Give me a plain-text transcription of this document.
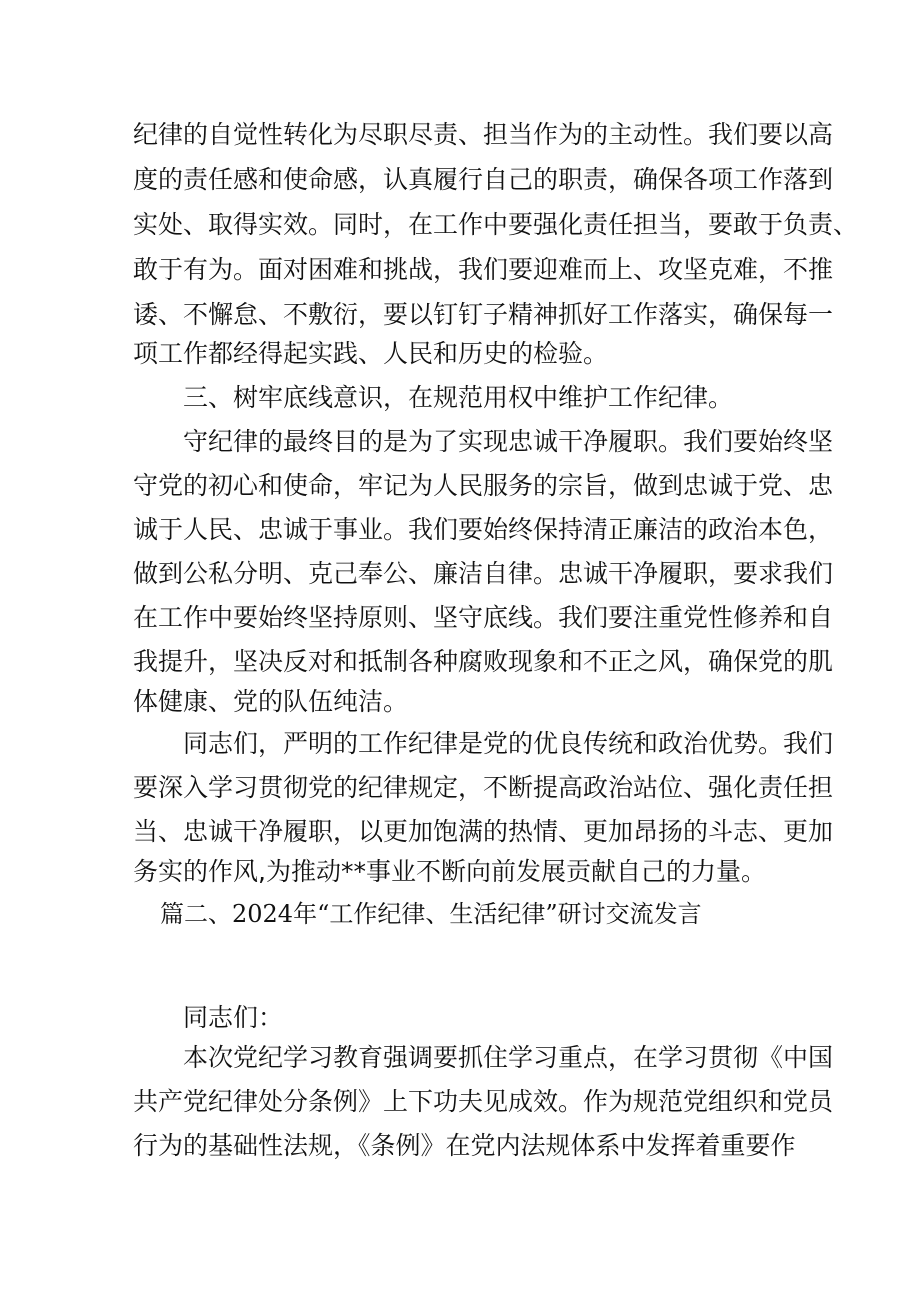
纪律的自觉性转化为尽职尽责、担当作为的主动性。我们要以高
度的责任感和使命感，认真履行自己的职责，确保各项工作落到
实处、取得实效。同时，在工作中要强化责任担当，要敢于负责、
敢于有为。面对困难和挑战，我们要迎难而上、攻坚克难，不推
诿、不懈怠、不敷衍，要以钉钉子精神抓好工作落实，确保每一
项工作都经得起实践、人民和历史的检验。
三、树牢底线意识，在规范用权中维护工作纪律。
守纪律的最终目的是为了实现忠诚干净履职。我们要始终坚
守党的初心和使命，牢记为人民服务的宗旨，做到忠诚于党、忠
诚于人民、忠诚于事业。我们要始终保持清正廉洁的政治本色，
做到公私分明、克己奉公、廉洁自律。忠诚干净履职，要求我们
在工作中要始终坚持原则、坚守底线。我们要注重党性修养和自
我提升，坚决反对和抵制各种腐败现象和不正之风，确保党的肌
体健康、党的队伍纯洁。
同志们，严明的工作纪律是党的优良传统和政治优势。我们
要深入学习贯彻党的纪律规定，不断提高政治站位、强化责任担
当、忠诚干净履职，以更加饱满的热情、更加昂扬的斗志、更加
务实的作风,为推动**事业不断向前发展贡献自己的力量。
篇二、2024年“工作纪律、生活纪律”研讨交流发言
同志们：
本次党纪学习教育强调要抓住学习重点，在学习贯彻《中国
共产党纪律处分条例》上下功夫见成效。作为规范党组织和党员
行为的基础性法规，《条例》在党内法规体系中发挥着重要作
